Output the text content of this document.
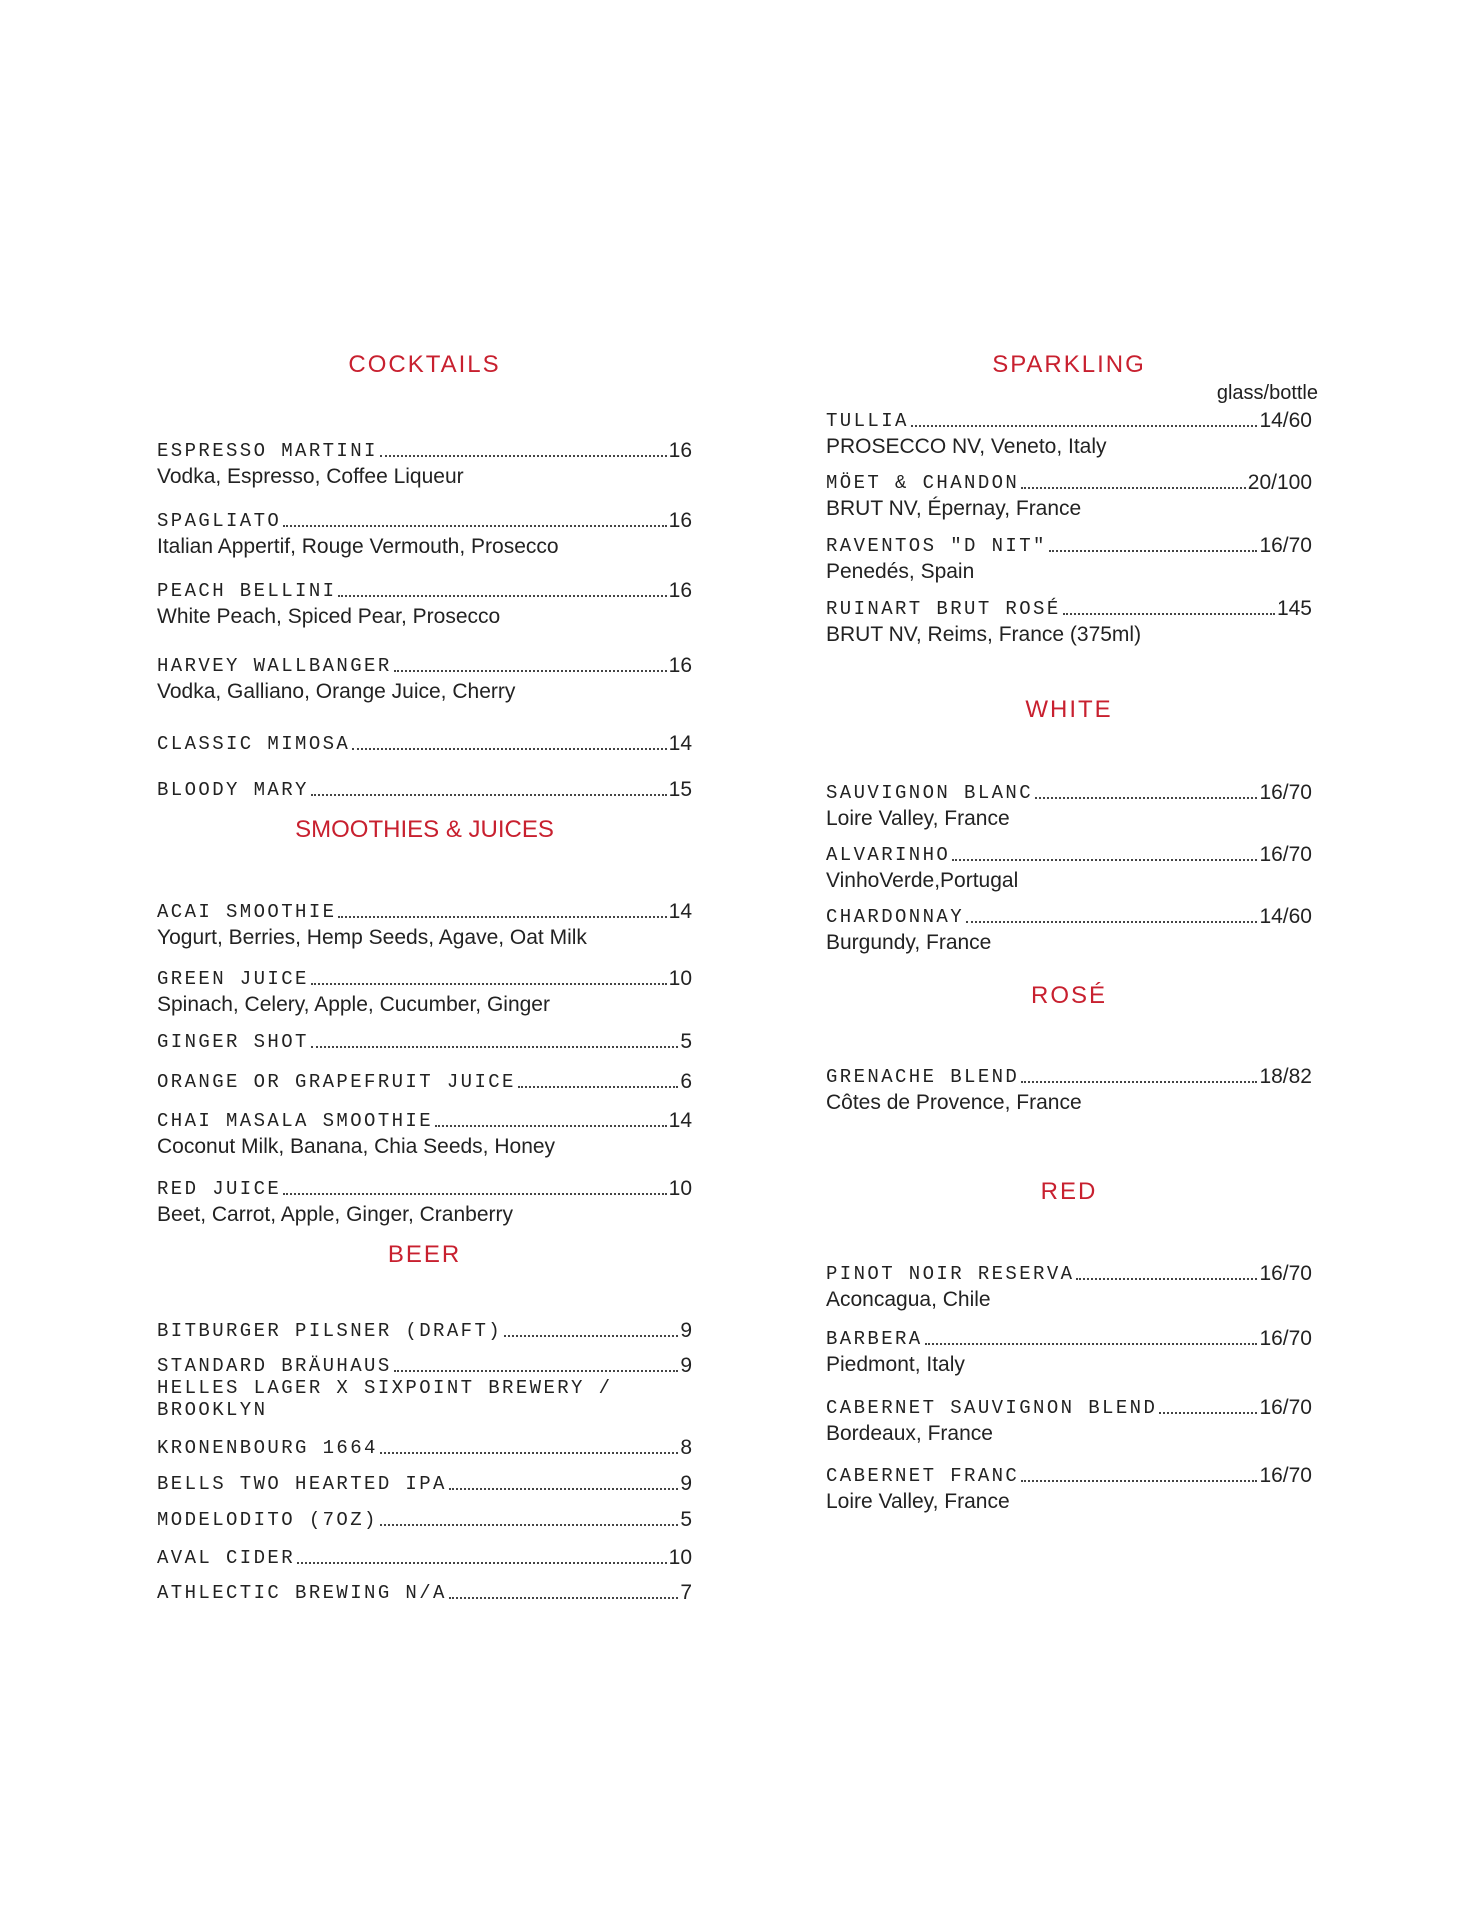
COCKTAILS
ESPRESSO MARTINI	16
Vodka, Espresso, Coffee Liqueur
SPAGLIATO	16
Italian Appertif, Rouge Vermouth, Prosecco
PEACH BELLINI	16
White Peach, Spiced Pear, Prosecco
HARVEY WALLBANGER	16
Vodka, Galliano, Orange Juice, Cherry
CLASSIC MIMOSA	14
BLOODY MARY	15
SMOOTHIES & JUICES
ACAI SMOOTHIE	14
Yogurt, Berries, Hemp Seeds, Agave, Oat Milk
GREEN JUICE	10
Spinach, Celery, Apple, Cucumber, Ginger
GINGER SHOT	5
ORANGE OR GRAPEFRUIT JUICE	6
CHAI MASALA SMOOTHIE	14
Coconut Milk, Banana, Chia Seeds, Honey
RED JUICE	10
Beet, Carrot, Apple, Ginger, Cranberry
BEER
BITBURGER PILSNER (DRAFT)	9
STANDARD BRÄUHAUS	9
HELLES LAGER X SIXPOINT BREWERY / BROOKLYN
KRONENBOURG 1664	8
BELLS TWO HEARTED IPA	9
MODELODITO (7OZ)	5
AVAL CIDER	10
ATHLECTIC BREWING N/A	7
SPARKLING
glass/bottle
TULLIA	14/60
PROSECCO NV, Veneto, Italy
MÖET & CHANDON	20/100
BRUT NV, Épernay, France
RAVENTOS "D NIT"	16/70
Penedés, Spain
RUINART BRUT ROSÉ	145
BRUT NV, Reims, France (375ml)
WHITE
SAUVIGNON BLANC	16/70
Loire Valley, France
ALVARINHO	16/70
VinhoVerde,Portugal
CHARDONNAY	14/60
Burgundy, France
ROSÉ
GRENACHE BLEND	18/82
Côtes de Provence, France
RED
PINOT NOIR RESERVA	16/70
Aconcagua, Chile
BARBERA	16/70
Piedmont, Italy
CABERNET SAUVIGNON BLEND	16/70
Bordeaux, France
CABERNET FRANC	16/70
Loire Valley, France
